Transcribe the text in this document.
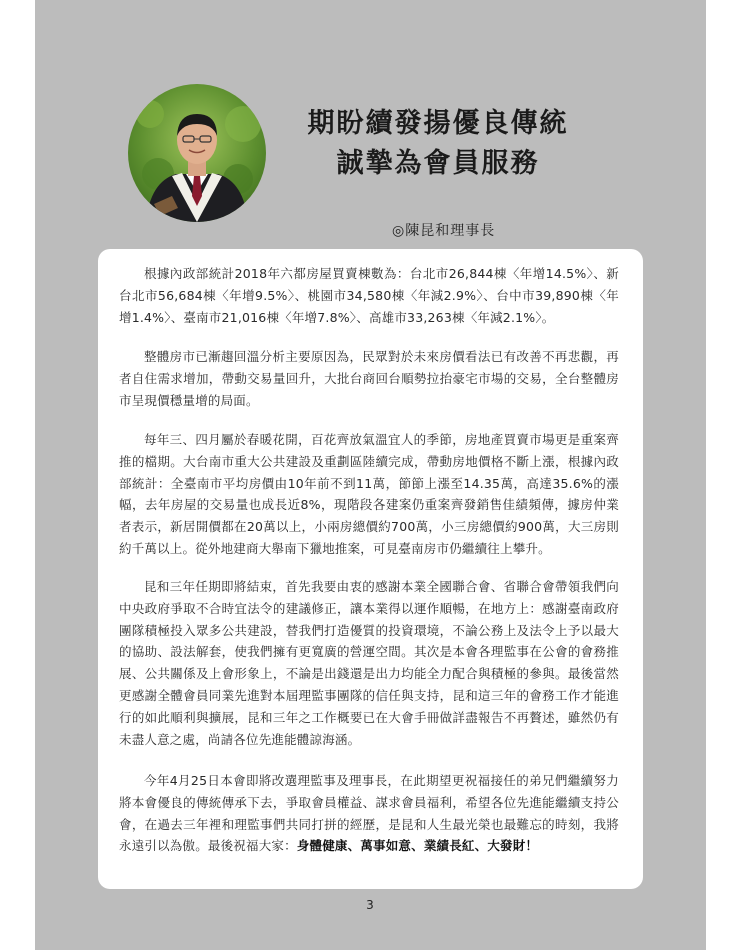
期盼續發揚優良傳統
誠摯為會員服務
◎陳昆和理事長

根據內政部統計2018年六都房屋買賣棟數為：台北市26,844棟〈年增14.5%〉、新台北市56,684棟〈年增9.5%〉、桃園市34,580棟〈年減2.9%〉、台中市39,890棟〈年增1.4%〉、臺南市21,016棟〈年增7.8%〉、高雄市33,263棟〈年減2.1%〉。

整體房市已漸趨回溫分析主要原因為，民眾對於未來房價看法已有改善不再悲觀，再者自住需求增加，帶動交易量回升，大批台商回台順勢拉抬豪宅市場的交易，全台整體房市呈現價穩量增的局面。

每年三、四月屬於春暖花開，百花齊放氣溫宜人的季節，房地產買賣市場更是重案齊推的檔期。大台南市重大公共建設及重劃區陸續完成，帶動房地價格不斷上漲，根據內政部統計：全臺南市平均房價由10年前不到11萬，節節上漲至14.35萬，高達35.6%的漲幅，去年房屋的交易量也成長近8%，現階段各建案仍重案齊發銷售佳績頻傳，據房仲業者表示，新居開價都在20萬以上，小兩房總價約700萬，小三房總價約900萬，大三房則約千萬以上。從外地建商大舉南下獵地推案，可見臺南房市仍繼續往上攀升。

昆和三年任期即將結束，首先我要由衷的感謝本業全國聯合會、省聯合會帶領我們向中央政府爭取不合時宜法令的建議修正，讓本業得以運作順暢，在地方上：感謝臺南政府團隊積極投入眾多公共建設，替我們打造優質的投資環境，不論公務上及法令上予以最大的協助、設法解套，使我們擁有更寬廣的營運空間。其次是本會各理監事在公會的會務推展、公共關係及上會形象上，不論是出錢還是出力均能全力配合與積極的參與。最後當然更感謝全體會員同業先進對本屆理監事團隊的信任與支持，昆和這三年的會務工作才能進行的如此順利與擴展，昆和三年之工作概要已在大會手冊做詳盡報告不再贅述，雖然仍有未盡人意之處，尚請各位先進能體諒海涵。

今年4月25日本會即將改選理監事及理事長，在此期望更祝福接任的弟兄們繼續努力將本會優良的傳統傳承下去，爭取會員權益、謀求會員福利，希望各位先進能繼續支持公會，在過去三年裡和理監事們共同打拼的經歷，是昆和人生最光榮也最難忘的時刻，我將永遠引以為傲。最後祝福大家：身體健康、萬事如意、業績長紅、大發財！

3
